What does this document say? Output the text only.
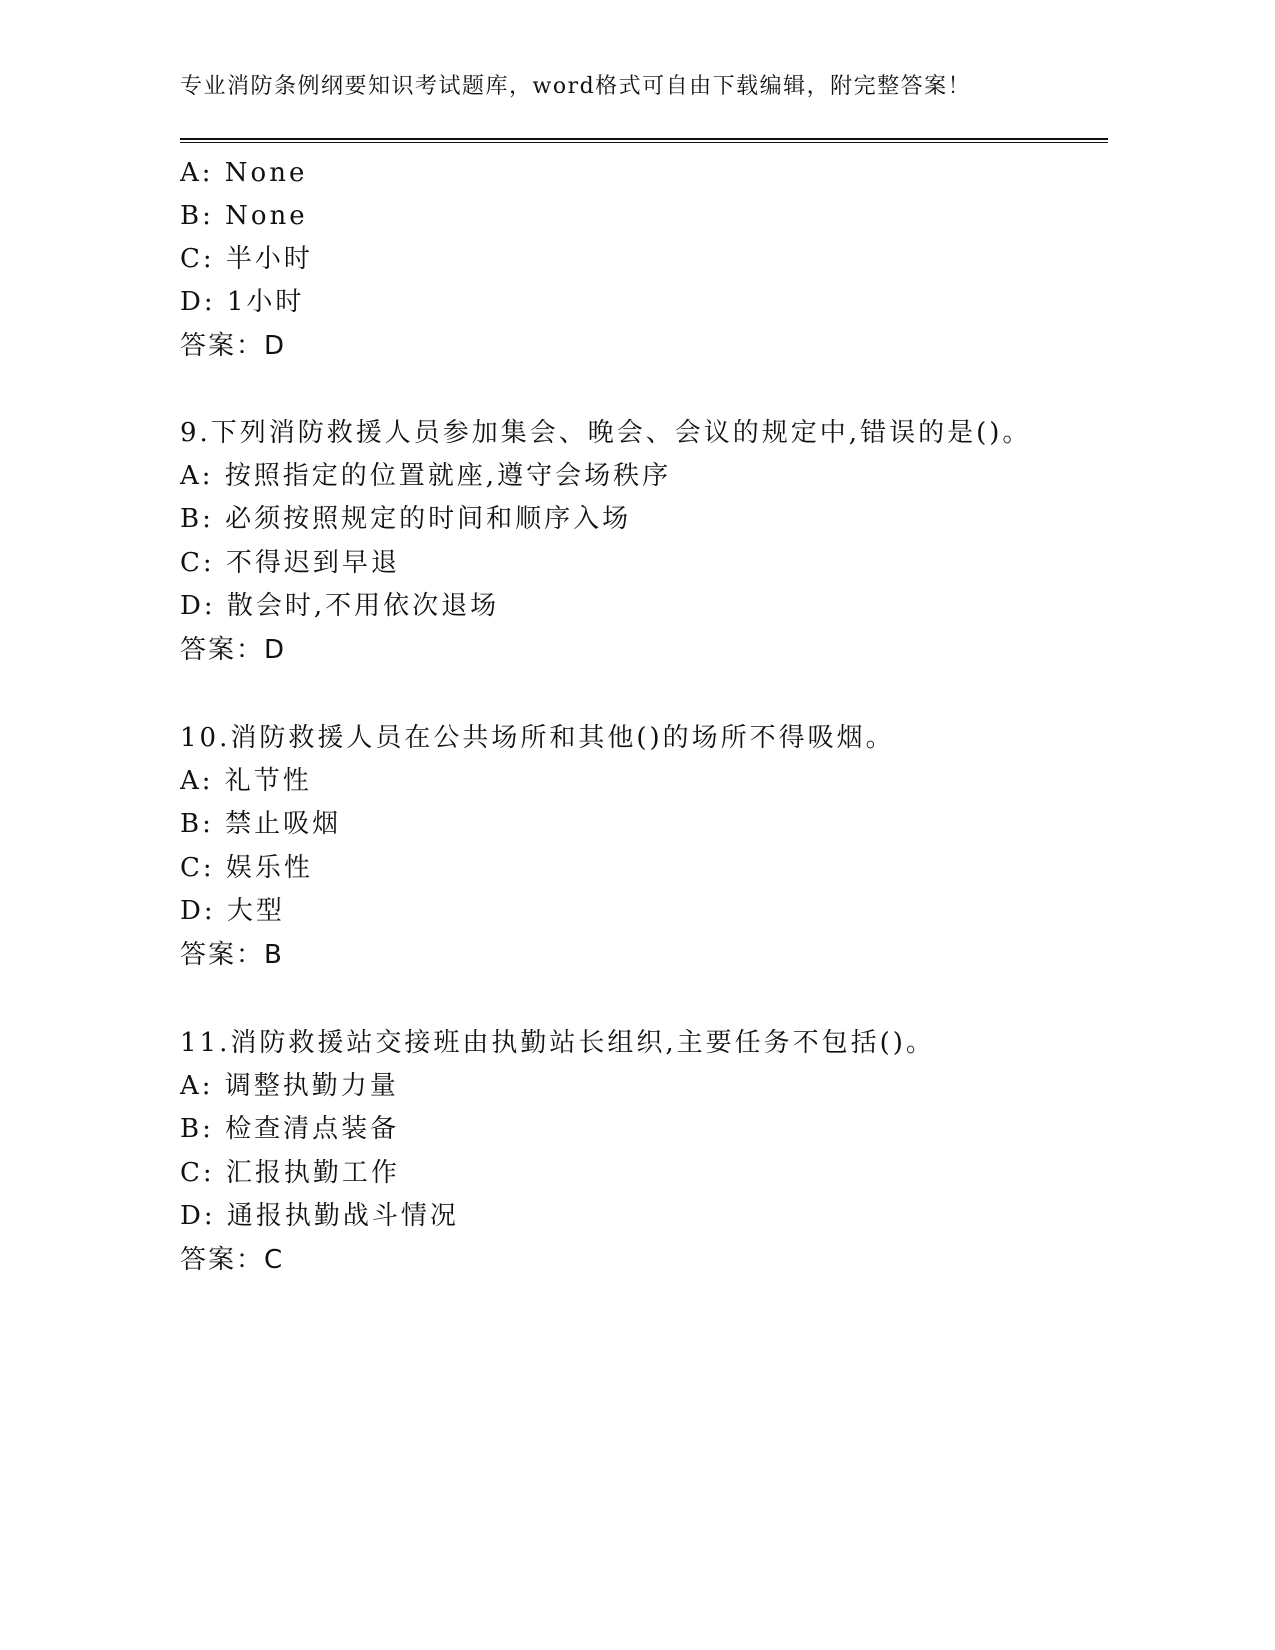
专业消防条例纲要知识考试题库，word格式可自由下载编辑，附完整答案！
A: None
B: None
C: 半小时
D: 1小时
答案：D
9.下列消防救援人员参加集会、晚会、会议的规定中,错误的是()。
A: 按照指定的位置就座,遵守会场秩序
B: 必须按照规定的时间和顺序入场
C: 不得迟到早退
D: 散会时,不用依次退场
答案：D
10.消防救援人员在公共场所和其他()的场所不得吸烟。
A: 礼节性
B: 禁止吸烟
C: 娱乐性
D: 大型
答案：B
11.消防救援站交接班由执勤站长组织,主要任务不包括()。
A: 调整执勤力量
B: 检查清点装备
C: 汇报执勤工作
D: 通报执勤战斗情况
答案：C
